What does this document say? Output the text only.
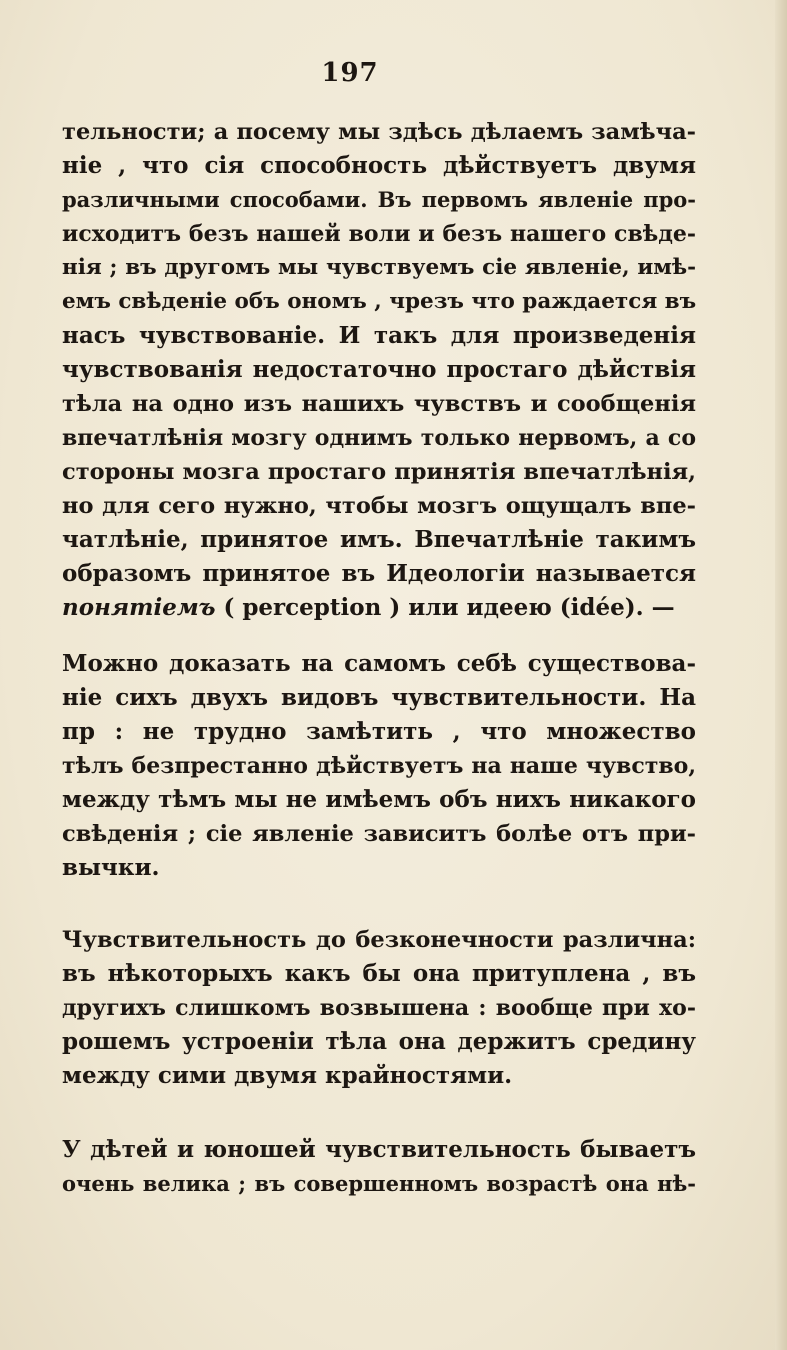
197
тельности; а посему мы здѣсь дѣлаемъ замѣча-
ніе , что сія способность дѣйствуетъ двумя
различными способами. Въ первомъ явленіе про-
исходитъ безъ нашей воли и безъ нашего свѣде-
нія ; въ другомъ мы чувствуемъ сіе явленіе, имѣ-
емъ свѣденіе объ ономъ , чрезъ что раждается въ
насъ чувствованіе. И такъ для произведенія
чувствованія недостаточно простаго дѣйствія
тѣла на одно изъ нашихъ чувствъ и сообщенія
впечатлѣнія мозгу однимъ только нервомъ, а со
стороны мозга простаго принятія впечатлѣнія,
но для сего нужно, чтобы мозгъ ощущалъ впе-
чатлѣніе, принятое имъ. Впечатлѣніе такимъ
образомъ принятое въ Идеологіи называется
понятіемъ ( perception ) или идеею (idée). —
Можно доказать на самомъ себѣ существова-
ніе сихъ двухъ видовъ чувствительности. На
пр : не трудно замѣтить , что множество
тѣлъ безпрестанно дѣйствуетъ на наше чувство,
между тѣмъ мы не имѣемъ объ нихъ никакого
свѣденія ; сіе явленіе зависитъ болѣе отъ при-
вычки.
Чувствительность до безконечности различна:
въ нѣкоторыхъ какъ бы она притуплена , въ
другихъ слишкомъ возвышена : вообще при хо-
рошемъ устроеніи тѣла она держитъ средину
между сими двумя крайностями.
У дѣтей и юношей чувствительность бываетъ
очень велика ; въ совершенномъ возрастѣ она нѣ-
